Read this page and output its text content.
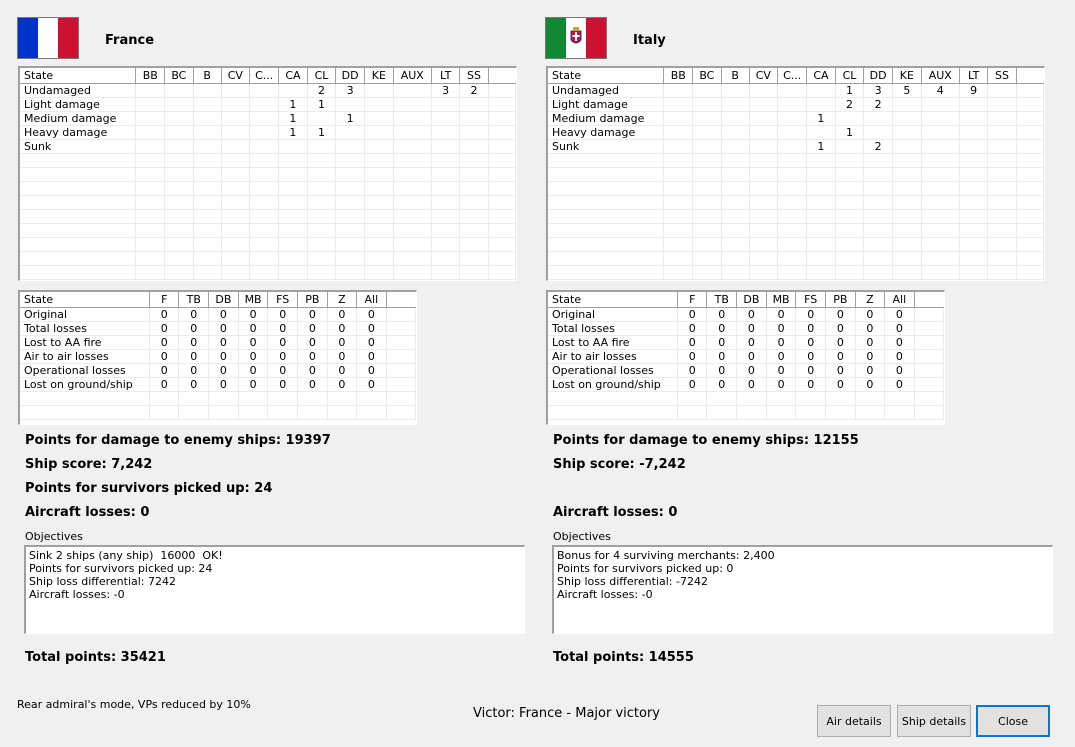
France
State	BB	BC	B	CV	C...	CA	CL	DD	KE	AUX	LT	SS	
Undamaged							2	3			3	2	
Light damage						1	1						
Medium damage						1		1					
Heavy damage						1	1						
Sunk													

State	F	TB	DB	MB	FS	PB	Z	All	
Original	0	0	0	0	0	0	0	0	
Total losses	0	0	0	0	0	0	0	0	
Lost to AA fire	0	0	0	0	0	0	0	0	
Air to air losses	0	0	0	0	0	0	0	0	
Operational losses	0	0	0	0	0	0	0	0	
Lost on ground/ship	0	0	0	0	0	0	0	0	

Points for damage to enemy ships: 19397
Ship score: 7,242
Points for survivors picked up: 24
Aircraft losses: 0
Objectives
Sink 2 ships (any ship)  16000  OK!
Points for survivors picked up: 24
Ship loss differential: 7242
Aircraft losses: -0
Total points: 35421
Italy
State	BB	BC	B	CV	C...	CA	CL	DD	KE	AUX	LT	SS	
Undamaged							1	3	5	4	9		
Light damage							2	2					
Medium damage						1							
Heavy damage							1						
Sunk						1		2					

State	F	TB	DB	MB	FS	PB	Z	All	
Original	0	0	0	0	0	0	0	0	
Total losses	0	0	0	0	0	0	0	0	
Lost to AA fire	0	0	0	0	0	0	0	0	
Air to air losses	0	0	0	0	0	0	0	0	
Operational losses	0	0	0	0	0	0	0	0	
Lost on ground/ship	0	0	0	0	0	0	0	0	

Points for damage to enemy ships: 12155
Ship score: -7,242
Aircraft losses: 0
Objectives
Bonus for 4 surviving merchants: 2,400
Points for survivors picked up: 0
Ship loss differential: -7242
Aircraft losses: -0
Total points: 14555
Rear admiral's mode, VPs reduced by 10%
Victor: France - Major victory	Air details	Ship details	Close
